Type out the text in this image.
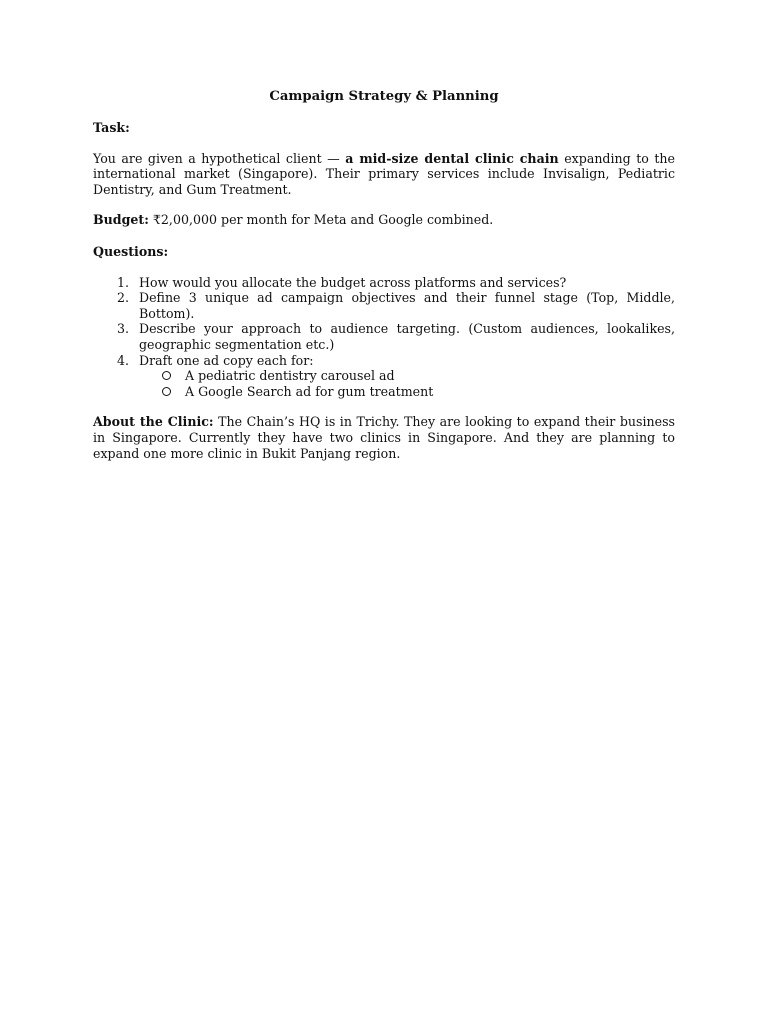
Campaign Strategy & Planning

Task:

You are given a hypothetical client — a mid-size dental clinic chain expanding to the international market (Singapore). Their primary services include Invisalign, Pediatric Dentistry, and Gum Treatment.

Budget: ₹2,00,000 per month for Meta and Google combined.

Questions:

1. How would you allocate the budget across platforms and services?
2. Define 3 unique ad campaign objectives and their funnel stage (Top, Middle, Bottom).
3. Describe your approach to audience targeting. (Custom audiences, lookalikes, geographic segmentation etc.)
4. Draft one ad copy each for:
A pediatric dentistry carousel ad
A Google Search ad for gum treatment

About the Clinic: The Chain’s HQ is in Trichy. They are looking to expand their business in Singapore. Currently they have two clinics in Singapore. And they are planning to expand one more clinic in Bukit Panjang region.
